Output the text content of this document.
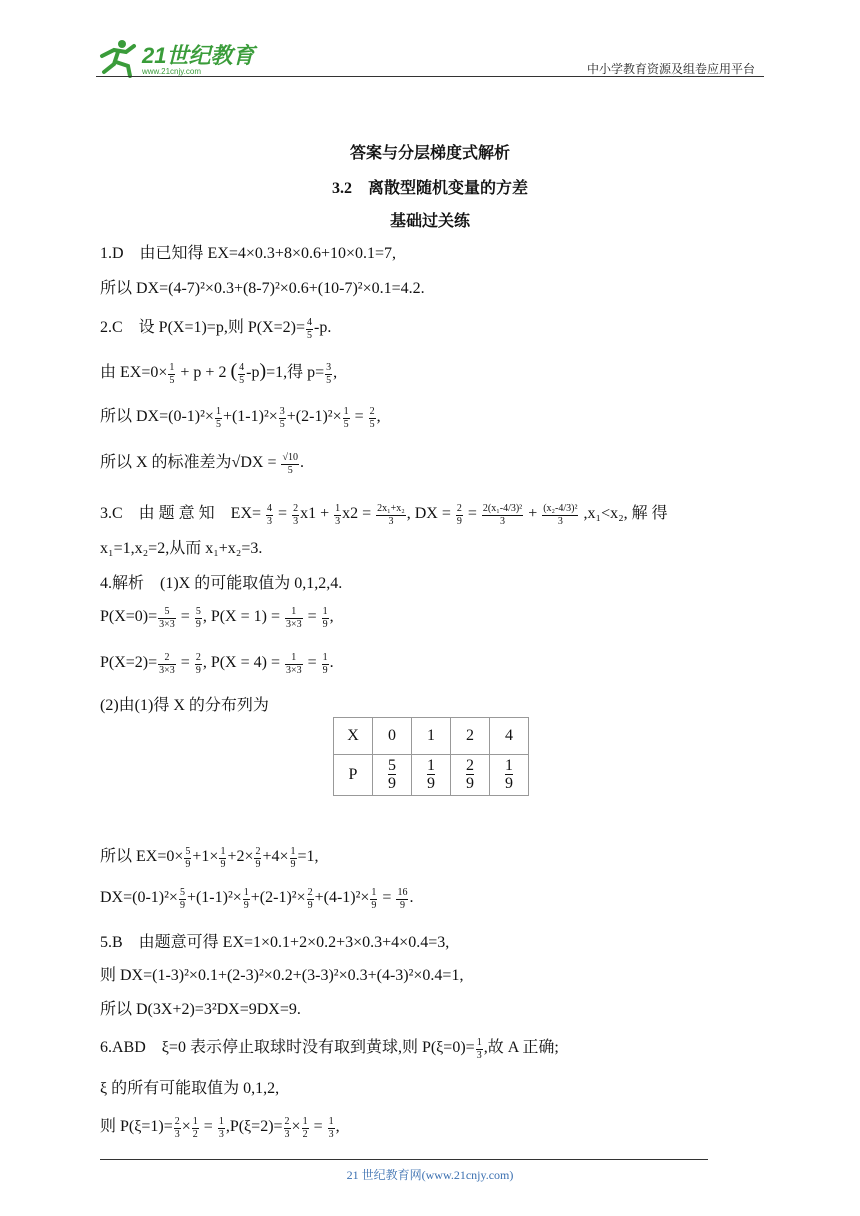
21世纪教育
www.21cnjy.com	中小学教育资源及组卷应用平台
答案与分层梯度式解析
3.2　离散型随机变量的方差
基础过关练
1.D　由已知得 EX=4×0.3+8×0.6+10×0.1=7,
所以 DX=(4-7)²×0.3+(8-7)²×0.6+(10-7)²×0.1=4.2.
2.C　设 P(X=1)=p,则 $P(X=2)= \frac{4}{5} -p$.
由 $EX=0\times \frac{1}{5} + p + 2$ ( $\frac{4}{5} -p)=1$,得 $p= \frac{3}{5}$ ,
所以 $DX=(0-1)^2\times \frac{1}{5} +(1-1)^2\times \frac{3}{5} +(2-1)^2\times \frac{1}{5} = \frac{2}{5}$ ,
所以 X 的标准差为$√DX = \frac{√10}{5}$ .
3.C　由 题 意 知　$EX= \frac{4}{3} = \frac{2}{3} x1 + \frac{1}{3} x2 = \frac{\text{2x₁+x₂}}{3}$ , DX = $\frac{2}{9} = \frac{\text{2(x₁-4/3)²}}{3} + \frac{\text{(x₂-4/3)²}}{3} ,x_1<x_2$, 解 得
x₁=1,x₂=2,从而 x₁+x₂=3.
4.解析　(1)X 的可能取值为 0,1,2,4.
$P(X=0)= \frac{5}{3\times 3} = \frac{5}{9}$ , $P(X = 1) = \frac{1}{3\times 3} = \frac{1}{9}$ ,
$P(X=2)= \frac{2}{3\times 3} = \frac{2}{9}$ , $P(X = 4) = \frac{1}{3\times 3} = \frac{1}{9}$ .
(2)由(1)得 X 的分布列为
X	0	1	2	4
P	$\frac{5}{9}$	$\frac{1}{9}$	$\frac{2}{9}$	$\frac{1}{9}$
所以 $EX=0\times \frac{5}{9} +1\times \frac{1}{9} +2\times \frac{2}{9} +4\times \frac{1}{9} =1$,
$DX=(0-1)^2\times \frac{5}{9} +(1-1)^2\times \frac{1}{9} +(2-1)^2\times \frac{2}{9} +(4-1)^2\times \frac{1}{9} = \frac{16}{9}$ .
5.B　由题意可得 EX=1×0.1+2×0.2+3×0.3+4×0.4=3,
则 DX=(1-3)²×0.1+(2-3)²×0.2+(3-3)²×0.3+(4-3)²×0.4=1,
所以 D(3X+2)=3²DX=9DX=9.
6.ABD　ξ=0 表示停止取球时没有取到黄球,则 $P(\xi=0)= \frac{1}{3}$ ,故 A 正确;
ξ 的所有可能取值为 0,1,2,
则 $P(\xi=1)= \frac{2}{3} \times \frac{1}{2} = \frac{1}{3} ,P(\xi=2)= \frac{2}{3} \times \frac{1}{2} = \frac{1}{3}$ ,
21 世纪教育网(www.21cnjy.com)
